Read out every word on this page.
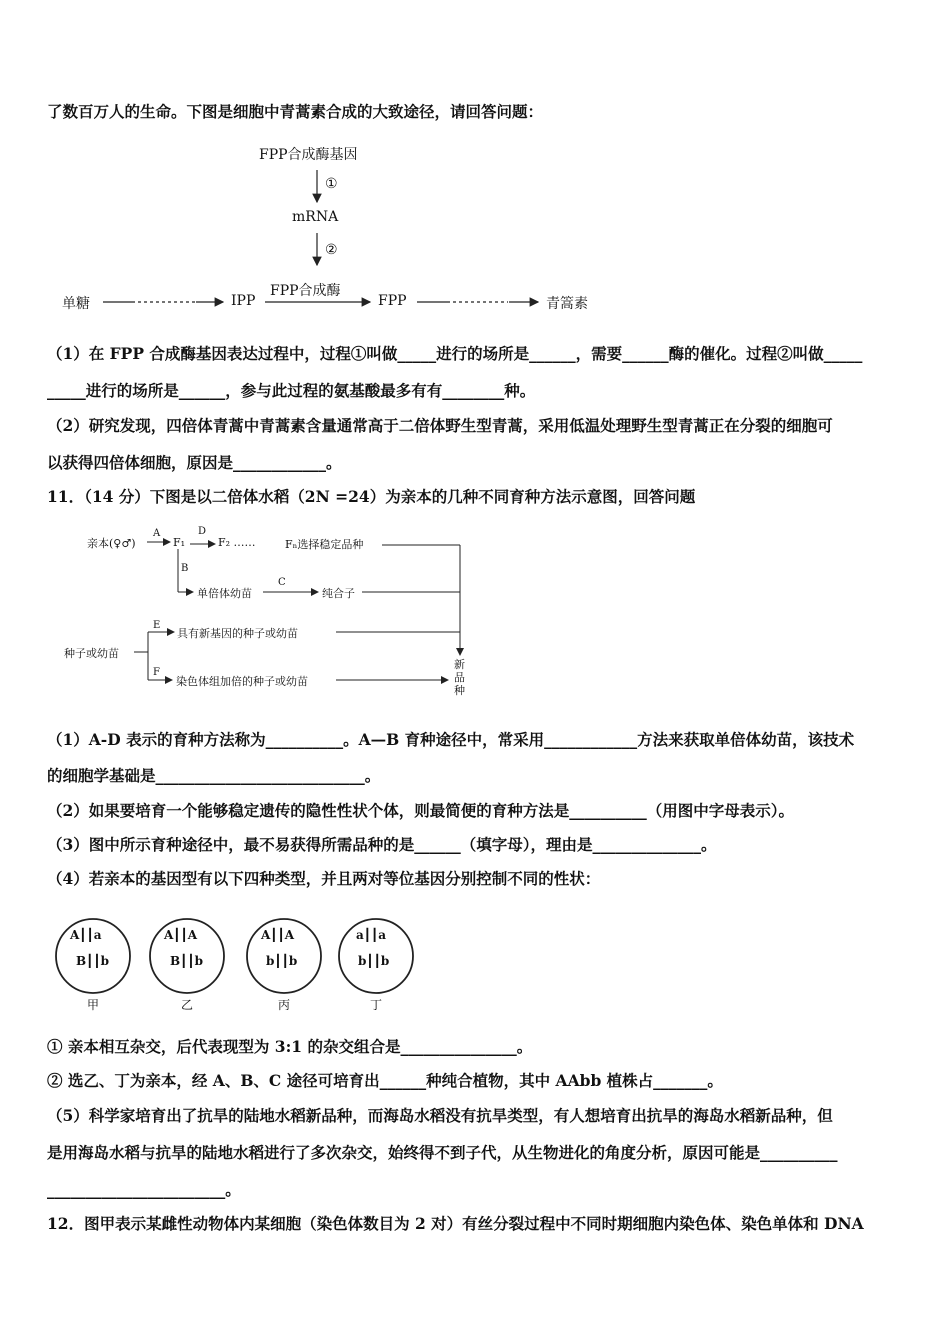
了数百万人的生命。下图是细胞中青蒿素合成的大致途径，请回答问题：
FPP合成酶基因
①
mRNA
②
FPP合成酶
单糖	IPP	FPP	青篙素
（1）在 FPP 合成酶基因表达过程中，过程①叫做_____进行的场所是______，需要______酶的催化。过程②叫做_____
_____进行的场所是______，参与此过程的氨基酸最多有有________种。
（2）研究发现，四倍体青蒿中青蒿素含量通常高于二倍体野生型青蒿，采用低温处理野生型青蒿正在分裂的细胞可
以获得四倍体细胞，原因是____________。
11．（14 分）下图是以二倍体水稻（2N =24）为亲本的几种不同育种方法示意图，回答问题
亲本(♀♂)
A
F₁
D
F₂ ……	Fₙ选择稳定品种
B
单倍体幼苗
C
纯合子
种子或幼苗
E
具有新基因的种子或幼苗
F
染色体组加倍的种子或幼苗
新
品
种
（1）A-D 表示的育种方法称为__________。A—B 育种途径中，常采用____________方法来获取单倍体幼苗，该技术
的细胞学基础是___________________________。
（2）如果要培育一个能够稳定遗传的隐性性状个体，则最简便的育种方法是__________（用图中字母表示）。
（3）图中所示育种途径中，最不易获得所需品种的是______（填字母），理由是______________。
（4）若亲本的基因型有以下四种类型，并且两对等位基因分别控制不同的性状：
A┃┃a
B┃┃b
甲
A┃┃A
B┃┃b
乙
A┃┃A
b┃┃b
丙
a┃┃a
b┃┃b
丁
① 亲本相互杂交，后代表现型为 3:1 的杂交组合是_______________。
② 选乙、丁为亲本，经 A、B、C 途径可培育出______种纯合植物，其中 AAbb 植株占_______。
（5）科学家培育出了抗旱的陆地水稻新品种，而海岛水稻没有抗旱类型，有人想培育出抗旱的海岛水稻新品种，但
是用海岛水稻与抗旱的陆地水稻进行了多次杂交，始终得不到子代，从生物进化的角度分析，原因可能是__________
_______________________。
12．图甲表示某雌性动物体内某细胞（染色体数目为 2 对）有丝分裂过程中不同时期细胞内染色体、染色单体和 DNA
